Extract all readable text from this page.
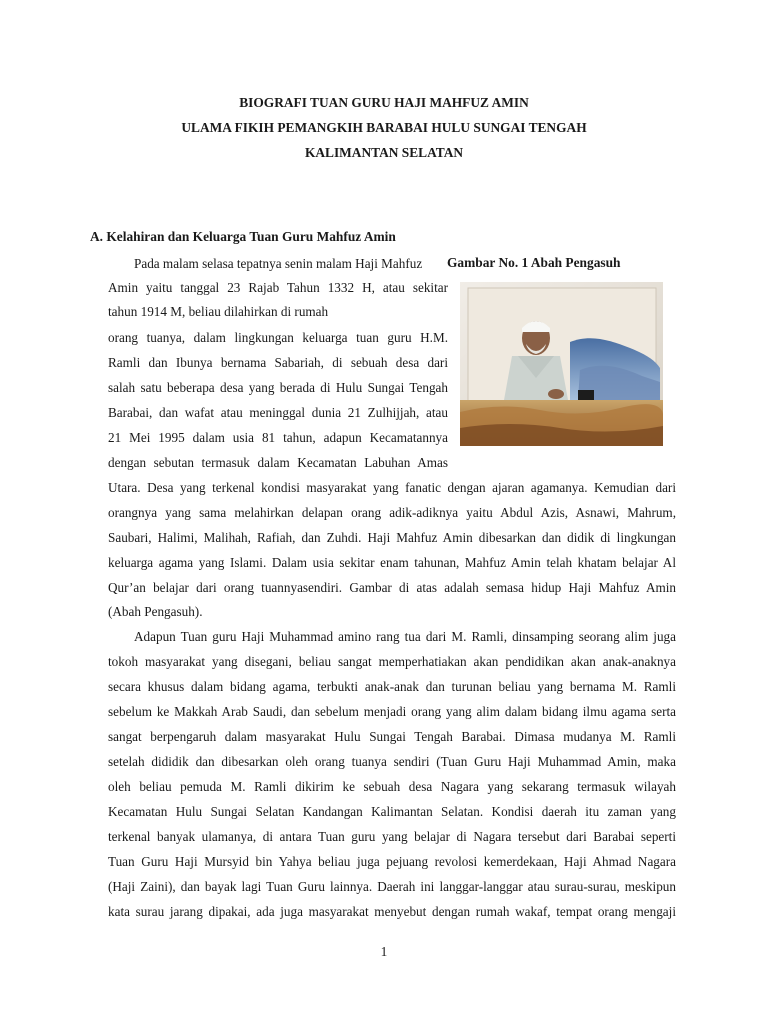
BIOGRAFI TUAN GURU HAJI MAHFUZ AMIN
ULAMA FIKIH PEMANGKIH BARABAI HULU SUNGAI TENGAH
KALIMANTAN SELATAN
A. Kelahiran dan Keluarga Tuan Guru Mahfuz Amin
Pada malam selasa tepatnya senin malam Haji Mahfuz Gambar No. 1 Abah Pengasuh
Amin yaitu tanggal 23 Rajab Tahun 1332 H, atau sekitar
tahun 1914 M, beliau dilahirkan di rumah
orang tuanya, dalam lingkungan keluarga tuan guru H.M.
Ramli dan Ibunya bernama Sabariah, di sebuah desa dari
salah satu beberapa desa yang berada di Hulu Sungai Tengah
Barabai, dan wafat atau meninggal dunia 21 Zulhijjah, atau
21 Mei 1995 dalam usia 81 tahun, adapun Kecamatannya
dengan sebutan termasuk dalam Kecamatan Labuhan Amas
Utara. Desa yang terkenal kondisi masyarakat yang fanatic dengan ajaran agamanya. Kemudian dari
orangnya yang sama melahirkan delapan orang adik-adiknya yaitu Abdul Azis, Asnawi, Mahrum,
Saubari, Halimi, Malihah, Rafiah, dan Zuhdi. Haji Mahfuz Amin dibesarkan dan didik di lingkungan
keluarga agama yang Islami. Dalam usia sekitar enam tahunan, Mahfuz Amin telah khatam belajar Al
Qur’an belajar dari orang tuannyasendiri. Gambar di atas adalah semasa hidup Haji Mahfuz Amin
(Abah Pengasuh).
Adapun Tuan guru Haji Muhammad amino rang tua dari M. Ramli, dinsamping seorang alim juga
tokoh masyarakat yang disegani, beliau sangat memperhatiakan akan pendidikan akan anak-anaknya
secara khusus dalam bidang agama, terbukti anak-anak dan turunan beliau yang bernama M. Ramli
sebelum ke Makkah Arab Saudi, dan sebelum menjadi orang yang alim dalam bidang ilmu agama serta
sangat berpengaruh dalam masyarakat Hulu Sungai Tengah Barabai. Dimasa mudanya M. Ramli
setelah dididik dan dibesarkan oleh orang tuanya sendiri (Tuan Guru Haji Muhammad Amin, maka
oleh beliau pemuda M. Ramli dikirim ke sebuah desa Nagara yang sekarang termasuk wilayah
Kecamatan Hulu Sungai Selatan Kandangan Kalimantan Selatan. Kondisi daerah itu zaman yang
terkenal banyak ulamanya, di antara Tuan guru yang belajar di Nagara tersebut dari Barabai seperti
Tuan Guru Haji Mursyid bin Yahya beliau juga pejuang revolosi kemerdekaan, Haji Ahmad Nagara
(Haji Zaini), dan bayak lagi Tuan Guru lainnya. Daerah ini langgar-langgar atau surau-surau, meskipun
kata surau jarang dipakai, ada juga masyarakat menyebut dengan rumah wakaf, tempat orang mengaji
1
